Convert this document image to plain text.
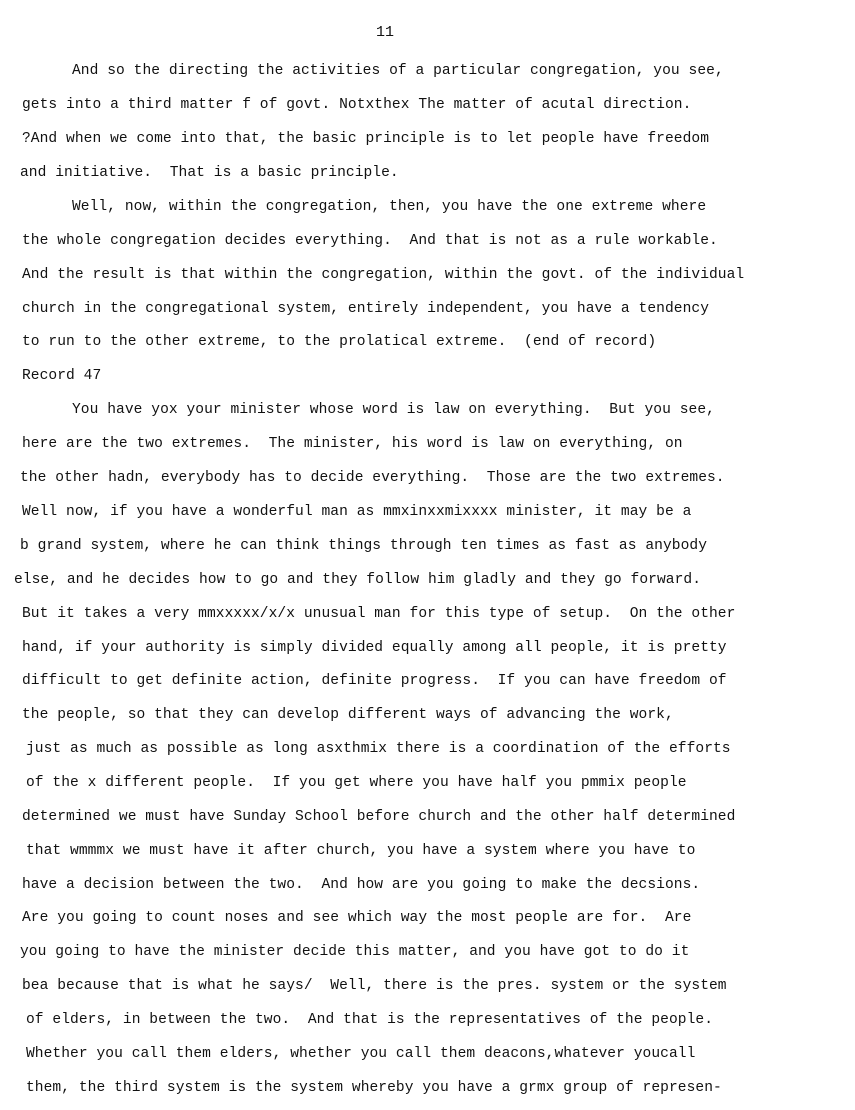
11
And so the directing the activities of a particular congregation, you see,
gets into a third matter f of govt. Notxthex The matter of acutal direction.
?And when we come into that, the basic principle is to let people have freedom
and initiative.  That is a basic principle.
Well, now, within the congregation, then, you have the one extreme where
the whole congregation decides everything.  And that is not as a rule workable.
And the result is that within the congregation, within the govt. of the individual
church in the congregational system, entirely independent, you have a tendency
to run to the other extreme, to the prolatical extreme.  (end of record)
Record 47
You have yox your minister whose word is law on everything.  But you see,
here are the two extremes.  The minister, his word is law on everything, on
the other hadn, everybody has to decide everything.  Those are the two extremes.
Well now, if you have a wonderful man as mmxinxxmixxxx minister, it may be a
b grand system, where he can think things through ten times as fast as anybody
else, and he decides how to go and they follow him gladly and they go forward.
But it takes a very mmxxxxx/x/x unusual man for this type of setup.  On the other
hand, if your authority is simply divided equally among all people, it is pretty
difficult to get definite action, definite progress.  If you can have freedom of
the people, so that they can develop different ways of advancing the work,
just as much as possible as long asxthmix there is a coordination of the efforts
of the x different people.  If you get where you have half you pmmix people
determined we must have Sunday School before church and the other half determined
that wmmmx we must have it after church, you have a system where you have to
have a decision between the two.  And how are you going to make the decsions.
Are you going to count noses and see which way the most people are for.  Are
you going to have the minister decide this matter, and you have got to do it
bea because that is what he says/  Well, there is the pres. system or the system
of elders, in between the two.  And that is the representatives of the people.
Whether you call them elders, whether you call them deacons,whatever youcall
them, the third system is the system whereby you have a grmx group of represen-
